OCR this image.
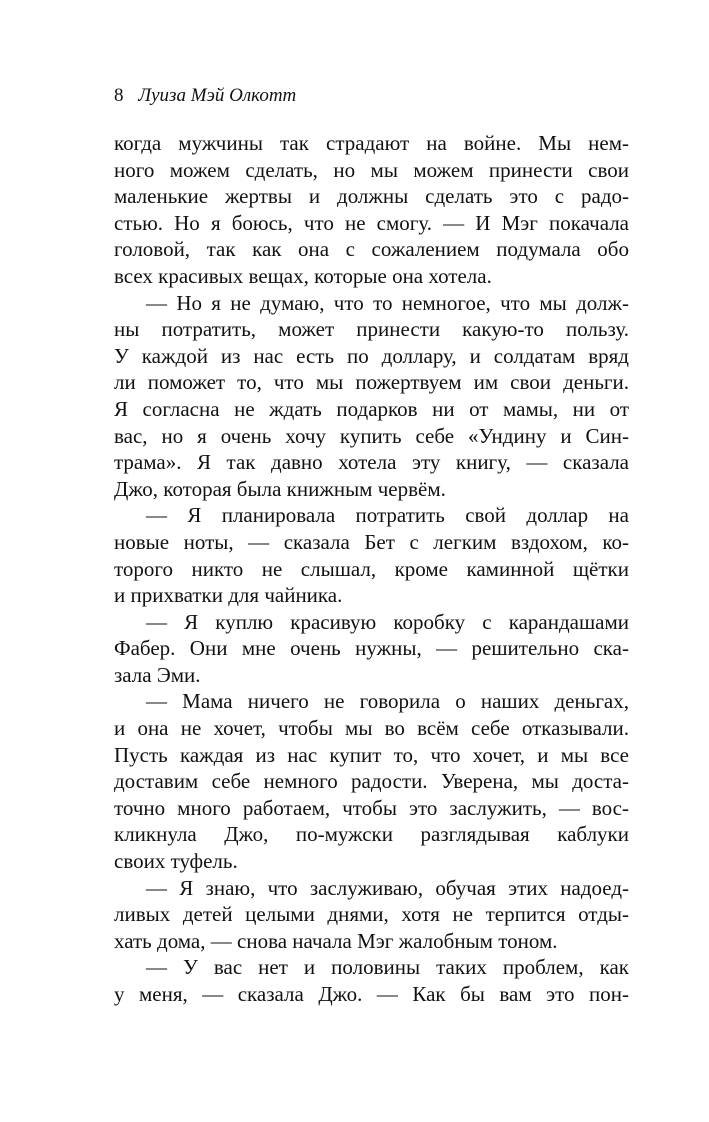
8 Луиза Мэй Олкотт
когда мужчины так страдают на войне. Мы нем-
ного можем сделать, но мы можем принести свои
маленькие жертвы и должны сделать это с радо-
стью. Но я боюсь, что не смогу. — И Мэг покачала
головой, так как она с сожалением подумала обо
всех красивых вещах, которые она хотела.
— Но я не думаю, что то немногое, что мы долж-
ны потратить, может принести какую-то пользу.
У каждой из нас есть по доллару, и солдатам вряд
ли поможет то, что мы пожертвуем им свои деньги.
Я согласна не ждать подарков ни от мамы, ни от
вас, но я очень хочу купить себе «Ундину и Син-
трама». Я так давно хотела эту книгу, — сказала
Джо, которая была книжным червём.
— Я планировала потратить свой доллар на
новые ноты, — сказала Бет с легким вздохом, ко-
торого никто не слышал, кроме каминной щётки
и прихватки для чайника.
— Я куплю красивую коробку с карандашами
Фабер. Они мне очень нужны, — решительно ска-
зала Эми.
— Мама ничего не говорила о наших деньгах,
и она не хочет, чтобы мы во всём себе отказывали.
Пусть каждая из нас купит то, что хочет, и мы все
доставим себе немного радости. Уверена, мы доста-
точно много работаем, чтобы это заслужить, — вос-
кликнула Джо, по-мужски разглядывая каблуки
своих туфель.
— Я знаю, что заслуживаю, обучая этих надоед-
ливых детей целыми днями, хотя не терпится отды-
хать дома, — снова начала Мэг жалобным тоном.
— У вас нет и половины таких проблем, как
у меня, — сказала Джо. — Как бы вам это пон-
